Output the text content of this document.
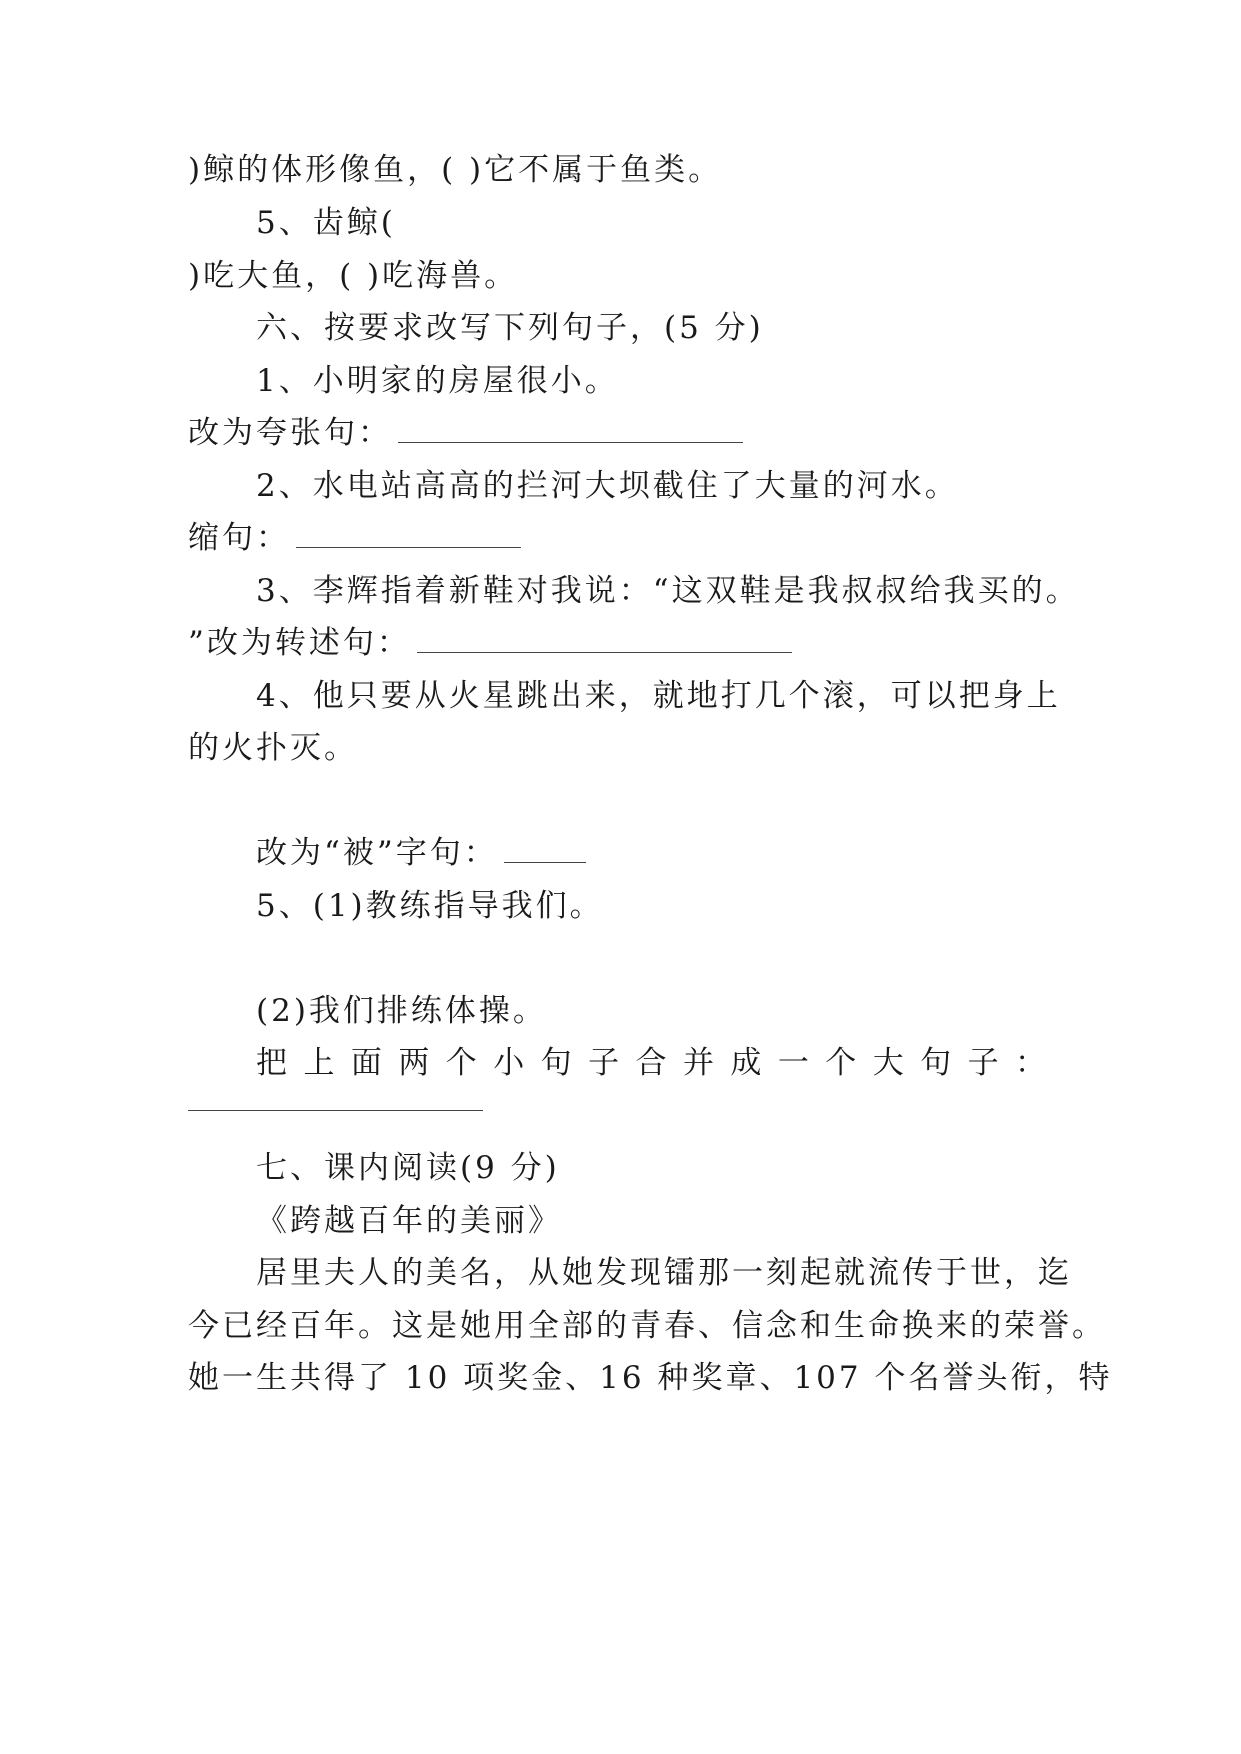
)鲸的体形像鱼，( )它不属于鱼类。
5、齿鲸(
)吃大鱼，( )吃海兽。
六、按要求改写下列句子，(5 分)
1、小明家的房屋很小。
改为夸张句：
2、水电站高高的拦河大坝截住了大量的河水。
缩句：
3、李辉指着新鞋对我说：“这双鞋是我叔叔给我买的。
”改为转述句：
4、他只要从火星跳出来，就地打几个滚，可以把身上
的火扑灭。
改为“被”字句：
5、(1)教练指导我们。
(2)我们排练体操。
把 上 面 两 个 小 句 子 合 并 成 一 个 大 句 子 ：
七、课内阅读(9 分)
《跨越百年的美丽》
居里夫人的美名，从她发现镭那一刻起就流传于世，迄
今已经百年。这是她用全部的青春、信念和生命换来的荣誉。
她一生共得了 10 项奖金、16 种奖章、107 个名誉头衔，特
